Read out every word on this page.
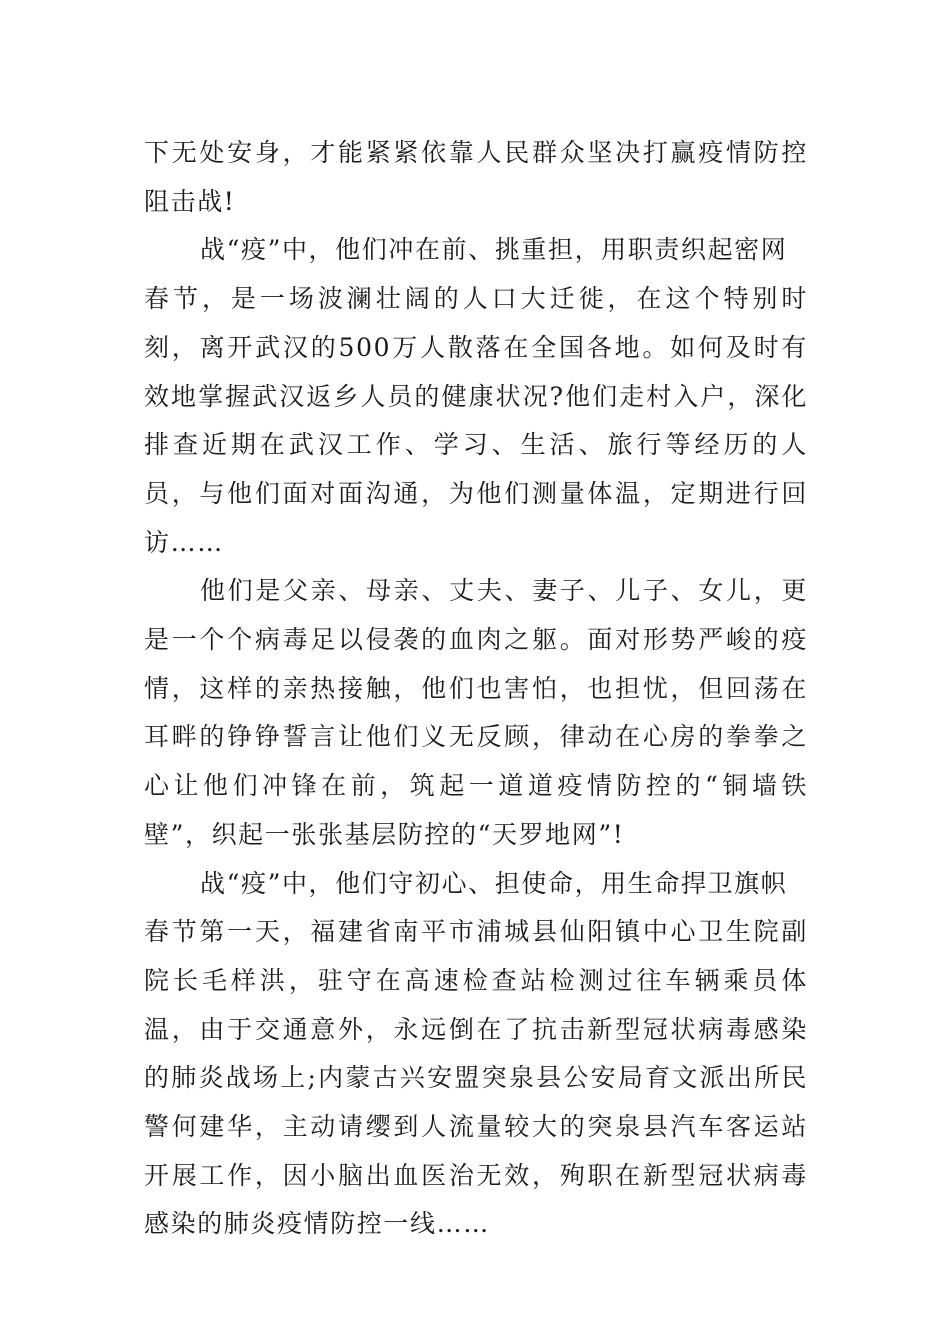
下无处安身，才能紧紧依靠人民群众坚决打赢疫情防控阻击战!

战“疫”中，他们冲在前、挑重担，用职责织起密网

春节，是一场波澜壮阔的人口大迁徙，在这个特别时刻，离开武汉的500万人散落在全国各地。如何及时有效地掌握武汉返乡人员的健康状况?他们走村入户，深化排查近期在武汉工作、学习、生活、旅行等经历的人员，与他们面对面沟通，为他们测量体温，定期进行回访……

他们是父亲、母亲、丈夫、妻子、儿子、女儿，更是一个个病毒足以侵袭的血肉之躯。面对形势严峻的疫情，这样的亲热接触，他们也害怕，也担忧，但回荡在耳畔的铮铮誓言让他们义无反顾，律动在心房的拳拳之心让他们冲锋在前，筑起一道道疫情防控的“铜墙铁壁”，织起一张张基层防控的“天罗地网”!

战“疫”中，他们守初心、担使命，用生命捍卫旗帜

春节第一天，福建省南平市浦城县仙阳镇中心卫生院副院长毛样洪，驻守在高速检查站检测过往车辆乘员体温，由于交通意外，永远倒在了抗击新型冠状病毒感染的肺炎战场上;内蒙古兴安盟突泉县公安局育文派出所民警何建华，主动请缨到人流量较大的突泉县汽车客运站开展工作，因小脑出血医治无效，殉职在新型冠状病毒感染的肺炎疫情防控一线……
